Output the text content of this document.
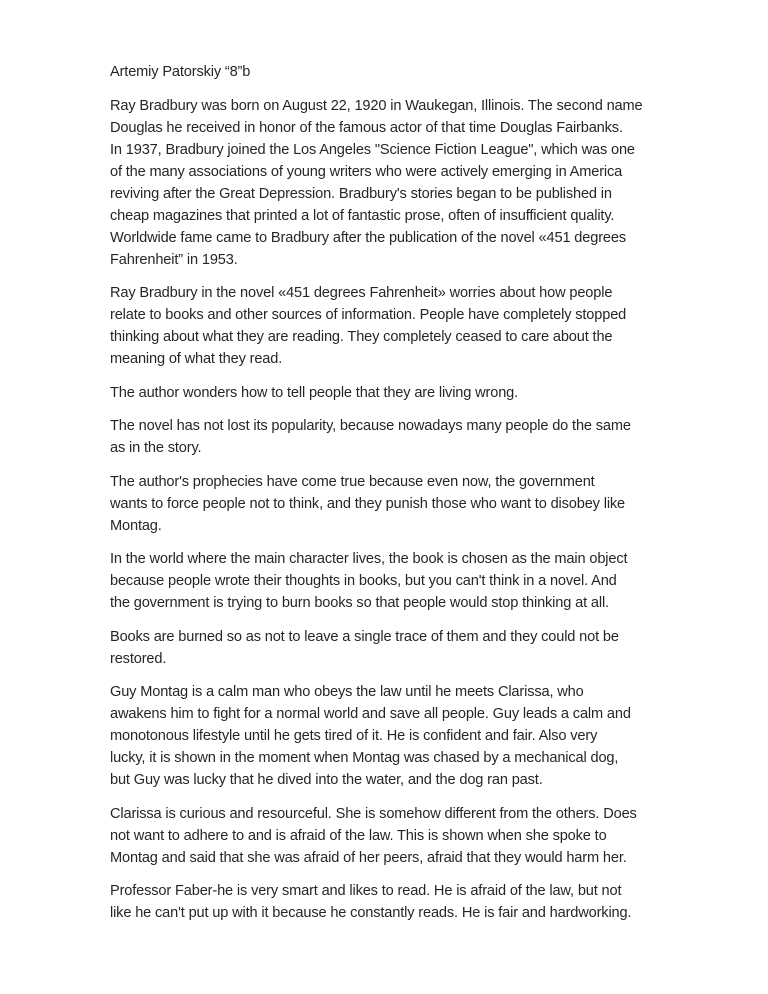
Artemiy Patorskiy “8”b
Ray Bradbury was born on August 22, 1920 in Waukegan, Illinois. The second name
Douglas he received in honor of the famous actor of that time Douglas Fairbanks.
In 1937, Bradbury joined the Los Angeles "Science Fiction League", which was one
of the many associations of young writers who were actively emerging in America
reviving after the Great Depression. Bradbury's stories began to be published in
cheap magazines that printed a lot of fantastic prose, often of insufficient quality.
Worldwide fame came to Bradbury after the publication of the novel «451 degrees
Fahrenheit” in 1953.
Ray Bradbury in the novel «451 degrees Fahrenheit» worries about how people
relate to books and other sources of information. People have completely stopped
thinking about what they are reading. They completely ceased to care about the
meaning of what they read.
The author wonders how to tell people that they are living wrong.
The novel has not lost its popularity, because nowadays many people do the same
as in the story.
The author's prophecies have come true because even now, the government
wants to force people not to think, and they punish those who want to disobey like
Montag.
In the world where the main character lives, the book is chosen as the main object
because people wrote their thoughts in books, but you can't think in a novel. And
the government is trying to burn books so that people would stop thinking at all.
Books are burned so as not to leave a single trace of them and they could not be
restored.
Guy Montag is a calm man who obeys the law until he meets Clarissa, who
awakens him to fight for a normal world and save all people. Guy leads a calm and
monotonous lifestyle until he gets tired of it. He is confident and fair. Also very
lucky, it is shown in the moment when Montag was chased by a mechanical dog,
but Guy was lucky that he dived into the water, and the dog ran past.
Clarissa is curious and resourceful. She is somehow different from the others. Does
not want to adhere to and is afraid of the law. This is shown when she spoke to
Montag and said that she was afraid of her peers, afraid that they would harm her.
Professor Faber-he is very smart and likes to read. He is afraid of the law, but not
like he can't put up with it because he constantly reads. He is fair and hardworking.
